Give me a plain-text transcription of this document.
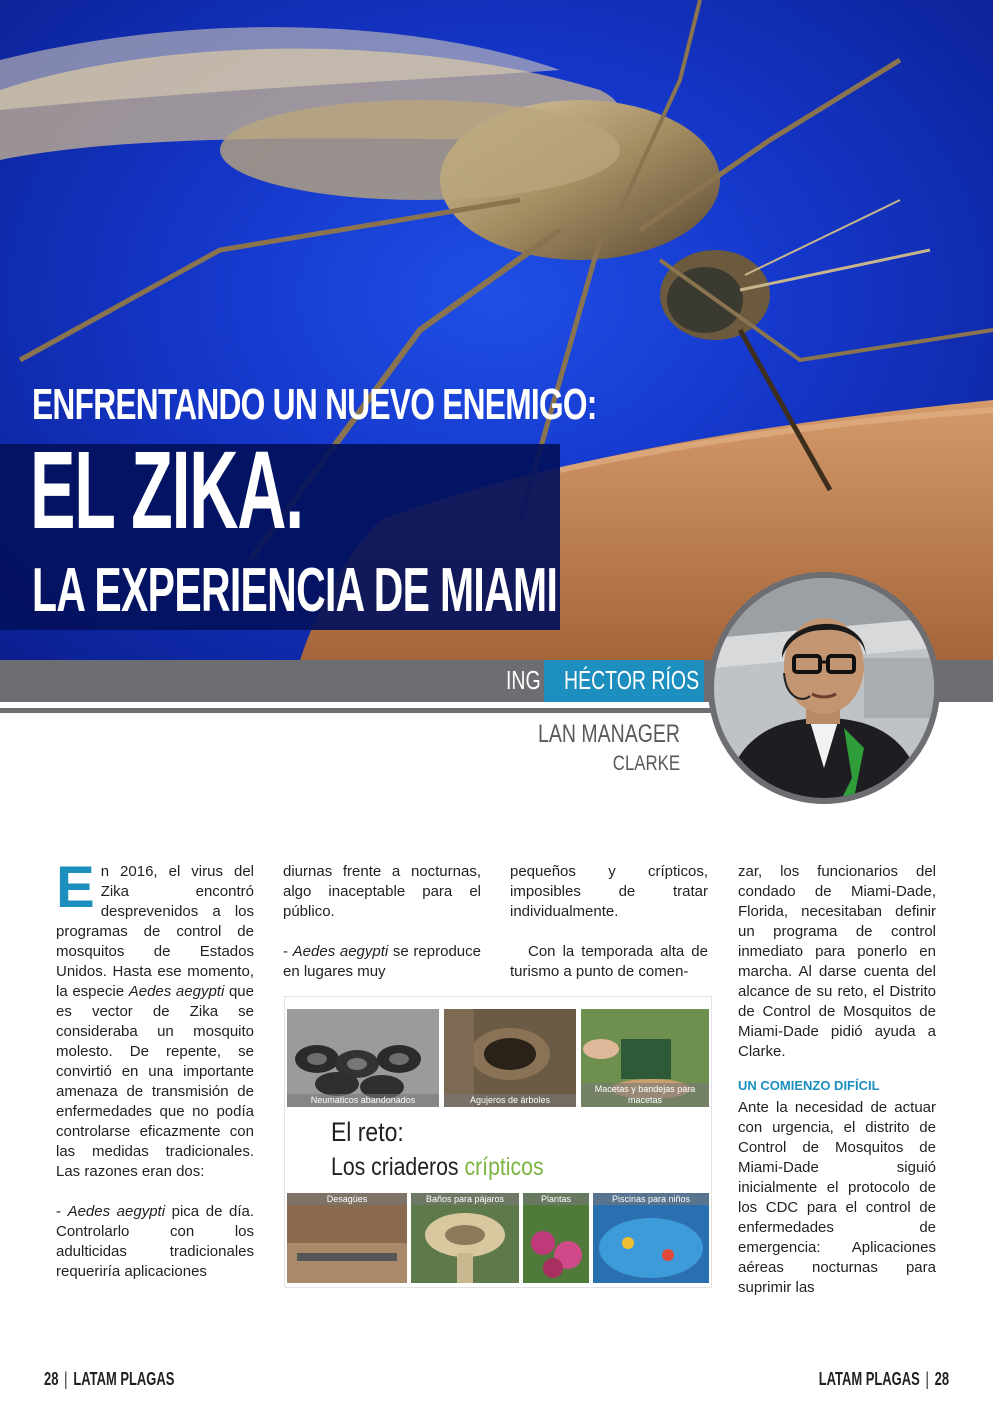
ENFRENTANDO UN NUEVO ENEMIGO:
EL ZIKA.
LA EXPERIENCIA DE MIAMI
ING HÉCTOR RÍOS
LAN MANAGER
CLARKE

En 2016, el virus del Zika encontró desprevenidos a los programas de control de mosquitos de Estados Unidos. Hasta ese momento, la especie Aedes aegypti que es vector de Zika se consideraba un mosquito molesto. De repente, se convirtió en una importante amenaza de transmisión de enfermedades que no podía controlarse eficazmente con las medidas tradicionales. Las razones eran dos:

- Aedes aegypti pica de día. Controlarlo con los adulticidas tradicionales requeriría aplicaciones

diurnas frente a nocturnas, algo inaceptable para el público.

- Aedes aegypti se reproduce en lugares muy

pequeños y crípticos, imposibles de tratar individualmente.

Con la temporada alta de turismo a punto de comen-

zar, los funcionarios del condado de Miami-Dade, Florida, necesitaban definir un programa de control inmediato para ponerlo en marcha. Al darse cuenta del alcance de su reto, el Distrito de Control de Mosquitos de Miami-Dade pidió ayuda a Clarke.

UN COMIENZO DIFÍCIL

Ante la necesidad de actuar con urgencia, el distrito de Control de Mosquitos de Miami-Dade siguió inicialmente el protocolo de los CDC para el control de enfermedades de emergencia: Aplicaciones aéreas nocturnas para suprimir las

Neumaticos abandonados	Agujeros de árboles
Macetas y bandejas para macetas
El reto:
Los criaderos crípticos
Desagües	Baños para pájaros	Plantas	Piscinas para niños
28 | LATAM PLAGAS	LATAM PLAGAS | 28
